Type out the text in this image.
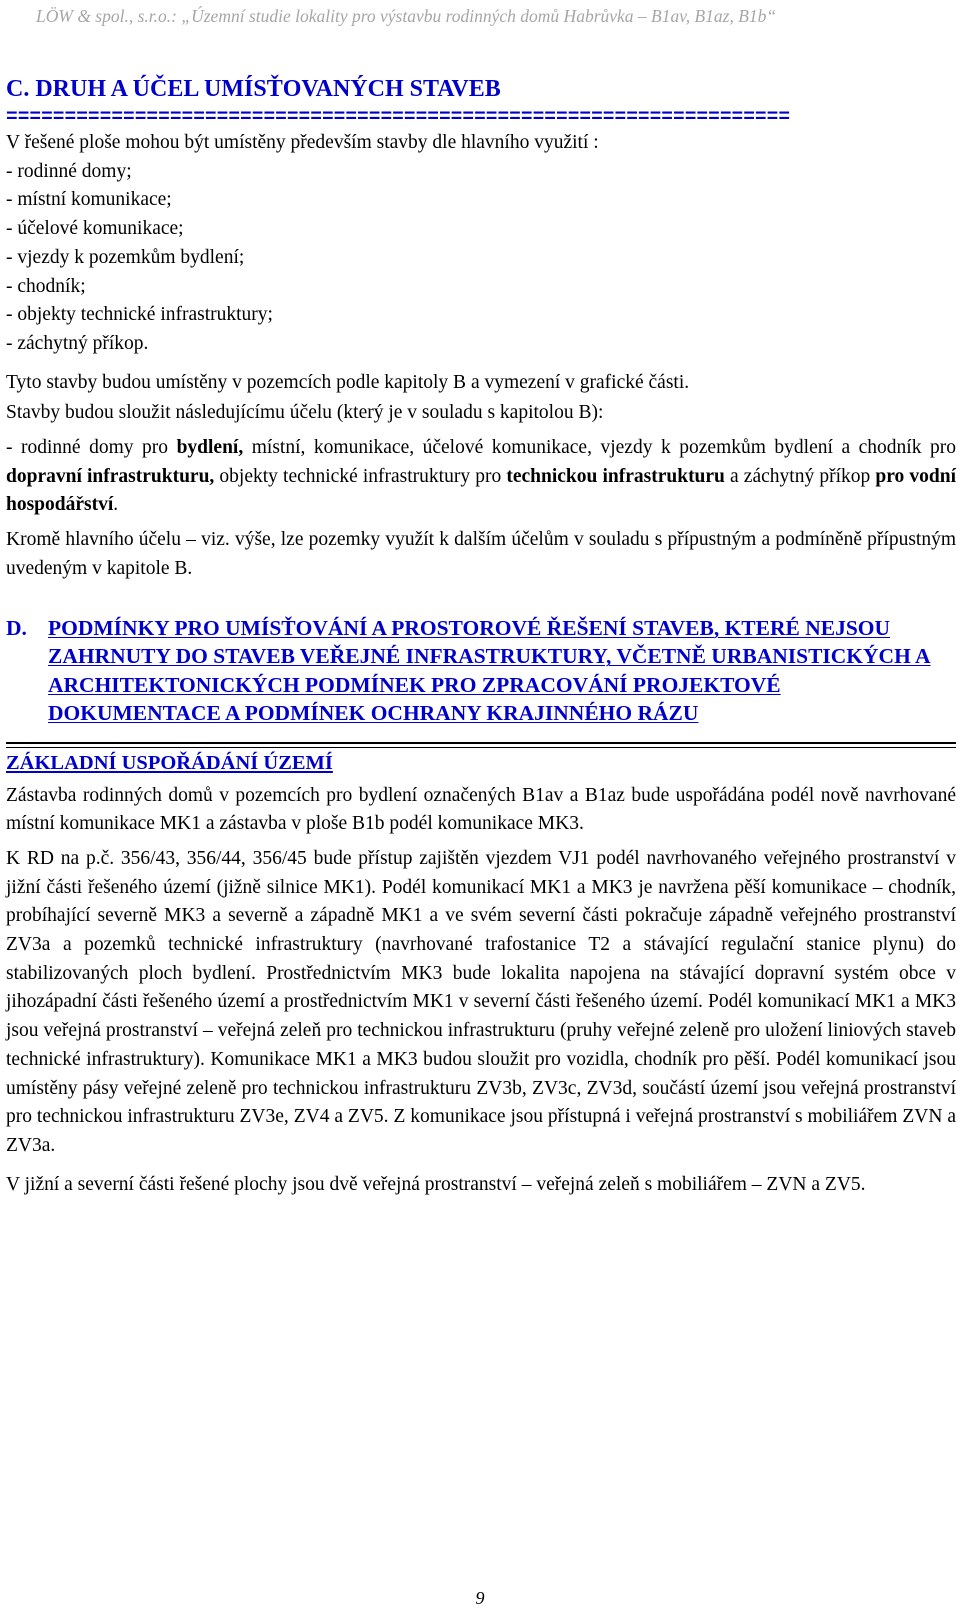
LÖW & spol., s.r.o.: „Územní studie lokality pro výstavbu rodinných domů Habrůvka – B1av, B1az, B1b“

C. DRUH A ÚČEL UMÍSŤOVANÝCH STAVEB

===================================================================

V řešené ploše mohou být umístěny především stavby dle hlavního využití :

- rodinné domy;

- místní komunikace;

- účelové komunikace;

- vjezdy k pozemkům bydlení;

- chodník;

- objekty technické infrastruktury;

- záchytný příkop.

Tyto stavby budou umístěny v pozemcích podle kapitoly B a vymezení v grafické části.

Stavby budou sloužit následujícímu účelu (který je v souladu s kapitolou B):

- rodinné domy pro bydlení, místní, komunikace, účelové komunikace, vjezdy k pozemkům bydlení a chodník pro dopravní infrastrukturu, objekty technické infrastruktury pro technickou infrastrukturu a záchytný příkop pro vodní hospodářství.

Kromě hlavního účelu – viz. výše, lze pozemky využít k dalším účelům v souladu s přípustným a podmíněně přípustným uvedeným v kapitole B.

D. PODMÍNKY PRO UMÍSŤOVÁNÍ A PROSTOROVÉ ŘEŠENÍ STAVEB, KTERÉ NEJSOU ZAHRNUTY DO STAVEB VEŘEJNÉ INFRASTRUKTURY, VČETNĚ URBANISTICKÝCH A ARCHITEKTONICKÝCH PODMÍNEK PRO ZPRACOVÁNÍ PROJEKTOVÉ DOKUMENTACE A PODMÍNEK OCHRANY KRAJINNÉHO RÁZU

ZÁKLADNÍ USPOŘÁDÁNÍ ÚZEMÍ

Zástavba rodinných domů v pozemcích pro bydlení označených B1av a B1az bude uspořádána podél nově navrhované místní komunikace MK1 a zástavba v ploše B1b podél komunikace MK3.

K RD na p.č. 356/43, 356/44, 356/45 bude přístup zajištěn vjezdem VJ1 podél navrhovaného veřejného prostranství v jižní části řešeného území (jižně silnice MK1). Podél komunikací MK1 a MK3 je navržena pěší komunikace – chodník, probíhající severně MK3 a severně a západně MK1 a ve svém severní části pokračuje západně veřejného prostranství ZV3a a pozemků technické infrastruktury (navrhované trafostanice T2 a stávající regulační stanice plynu) do stabilizovaných ploch bydlení. Prostřednictvím MK3 bude lokalita napojena na stávající dopravní systém obce v jihozápadní části řešeného území a prostřednictvím MK1 v severní části řešeného území. Podél komunikací MK1 a MK3 jsou veřejná prostranství – veřejná zeleň pro technickou infrastrukturu (pruhy veřejné zeleně pro uložení liniových staveb technické infrastruktury). Komunikace MK1 a MK3 budou sloužit pro vozidla, chodník pro pěší. Podél komunikací jsou umístěny pásy veřejné zeleně pro technickou infrastrukturu ZV3b, ZV3c, ZV3d, součástí území jsou veřejná prostranství pro technickou infrastrukturu ZV3e, ZV4 a ZV5. Z komunikace jsou přístupná i veřejná prostranství s mobiliářem ZVN a ZV3a.

V jižní a severní části řešené plochy jsou dvě veřejná prostranství – veřejná zeleň s mobiliářem – ZVN a ZV5.

9
